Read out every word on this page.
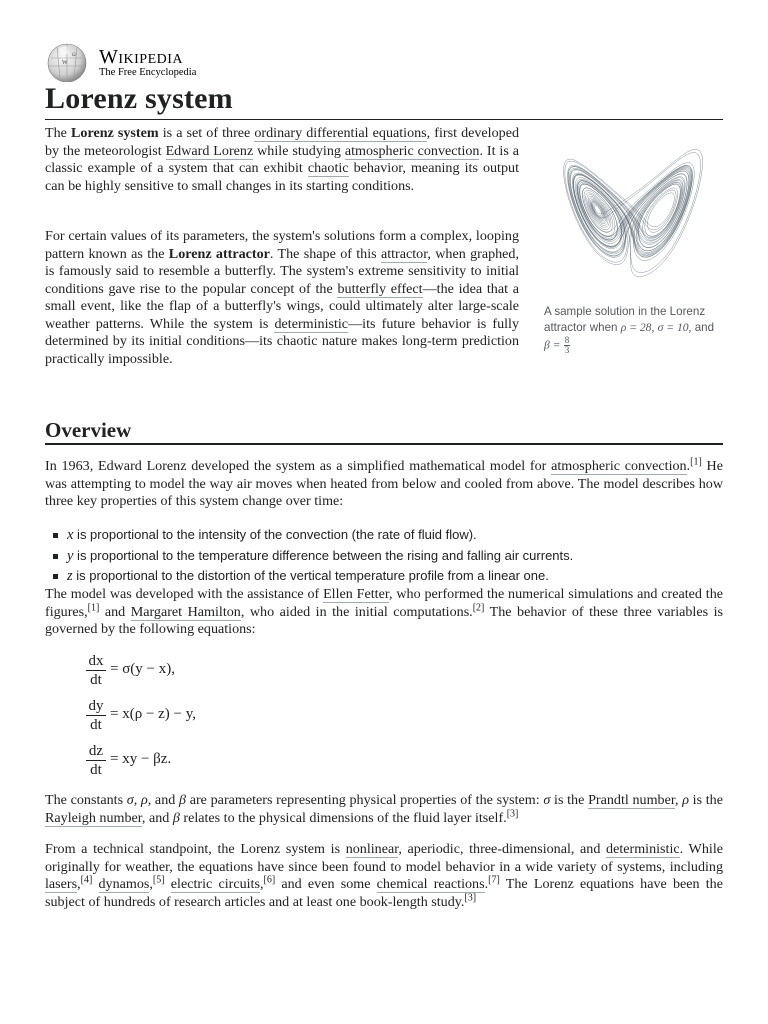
W
Ω Wikipedia
The Free Encyclopedia
Lorenz system

The Lorenz system is a set of three ordinary differential equations, first developed by the meteorologist Edward Lorenz while studying atmospheric convection. It is a classic example of a system that can exhibit chaotic behavior, meaning its output can be highly sensitive to small changes in its starting conditions.

For certain values of its parameters, the system's solutions form a complex, looping pattern known as the Lorenz attractor. The shape of this attractor, when graphed, is famously said to resemble a butterfly. The system's extreme sensitivity to initial conditions gave rise to the popular concept of the butterfly effect—the idea that a small event, like the flap of a butterfly's wings, could ultimately alter large-scale weather patterns. While the system is deterministic—its future behavior is fully determined by its initial conditions—its chaotic nature makes long-term prediction practically impossible.

A sample solution in the Lorenz attractor when ρ = 28, σ = 10, and $\beta = \frac{8}{3}$
Overview

In 1963, Edward Lorenz developed the system as a simplified mathematical model for atmospheric convection.[1] He was attempting to model the way air moves when heated from below and cooled from above. The model describes how three key properties of this system change over time:

x is proportional to the intensity of the convection (the rate of fluid flow).
y is proportional to the temperature difference between the rising and falling air currents.
z is proportional to the distortion of the vertical temperature profile from a linear one.

The model was developed with the assistance of Ellen Fetter, who performed the numerical simulations and created the figures,[1] and Margaret Hamilton, who aided in the initial computations.[2] The behavior of these three variables is governed by the following equations:

dx
dt
= σ(y − x),
dy
dt
= x(ρ − z) − y,
dz
dt
= xy − βz.

The constants σ, ρ, and β are parameters representing physical properties of the system: σ is the Prandtl number, ρ is the Rayleigh number, and β relates to the physical dimensions of the fluid layer itself.[3]

From a technical standpoint, the Lorenz system is nonlinear, aperiodic, three-dimensional, and deterministic. While originally for weather, the equations have since been found to model behavior in a wide variety of systems, including lasers,[4] dynamos,[5] electric circuits,[6] and even some chemical reactions.[7] The Lorenz equations have been the subject of hundreds of research articles and at least one book-length study.[3]
